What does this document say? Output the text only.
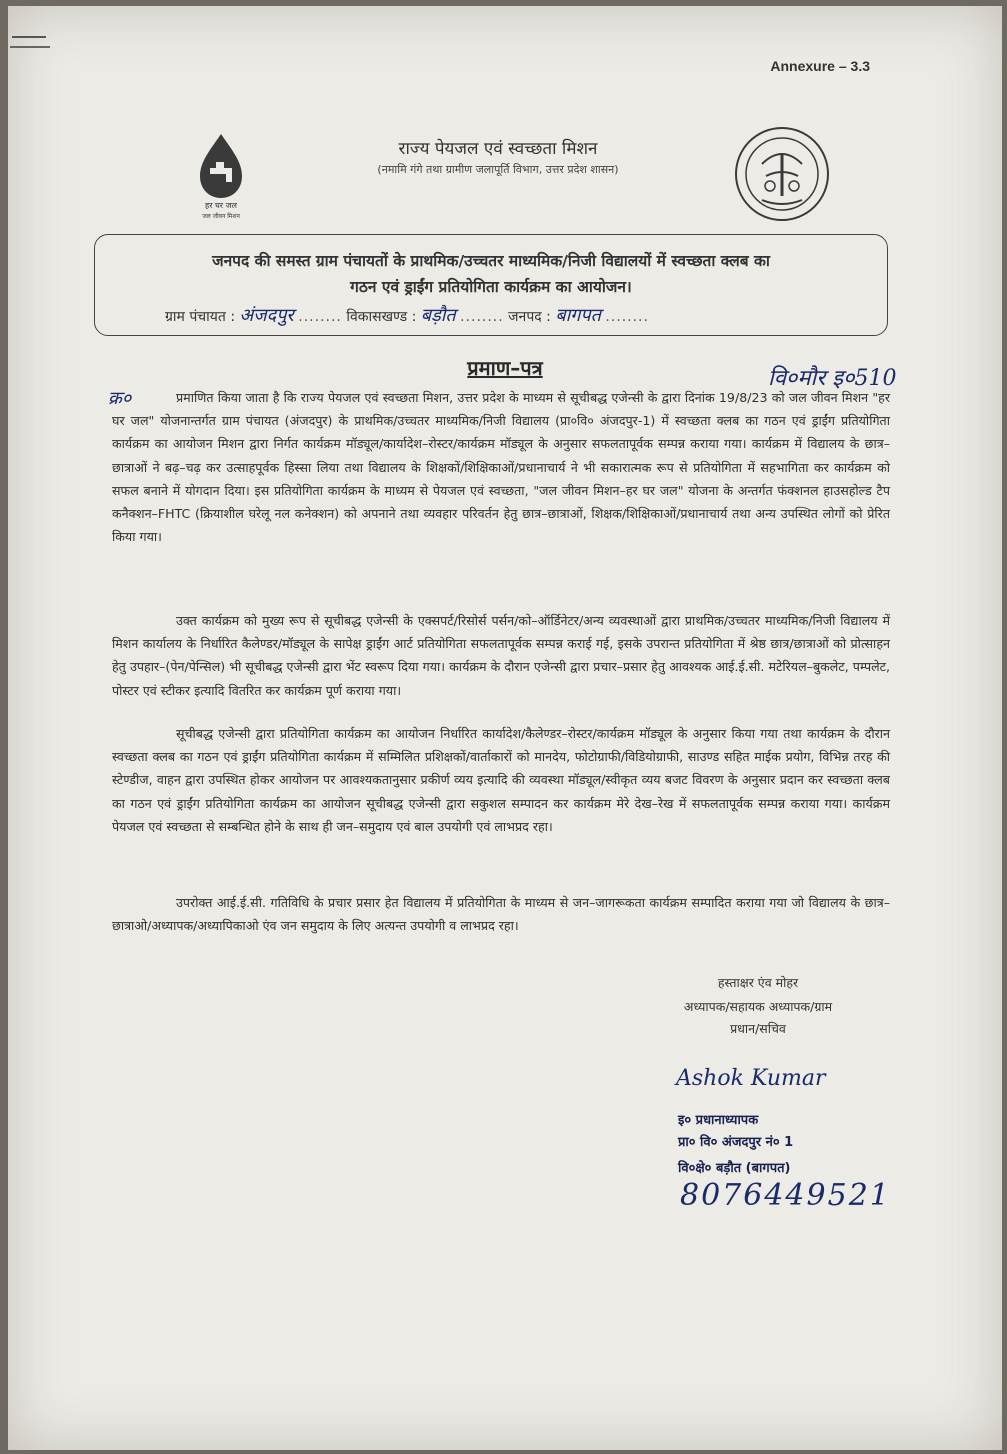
Annexure – 3.3
हर घर जल
जल जीवन मिशन
राज्य पेयजल एवं स्वच्छता मिशन
(नमामि गंगे तथा ग्रामीण जलापूर्ति विभाग, उत्तर प्रदेश शासन)
जनपद की समस्त ग्राम पंचायतों के प्राथमिक/उच्चतर माध्यमिक/निजी विद्यालयों में स्वच्छता क्लब का
गठन एवं ड्राईंग प्रतियोगिता कार्यक्रम का आयोजन।
ग्राम पंचायत : अंजदपुर ........ विकासखण्ड : बड़ौत ........ जनपद : बागपत ........
प्रमाण–पत्र	वि०मौर इ०510
क्र०	प्रमाणित किया जाता है कि राज्य पेयजल एवं स्वच्छता मिशन, उत्तर प्रदेश के माध्यम से सूचीबद्ध एजेन्सी के द्वारा दिनांक 19/8/23 को जल जीवन मिशन "हर घर जल" योजनान्तर्गत ग्राम पंचायत (अंजदपुर) के प्राथमिक/उच्चतर माध्यमिक/निजी विद्यालय (प्रा०वि० अंजदपुर-1) में स्वच्छता क्लब का गठन एवं ड्राईंग प्रतियोगिता कार्यक्रम का आयोजन मिशन द्वारा निर्गत कार्यक्रम मॉड्यूल/कार्यादेश–रोस्टर/कार्यक्रम मॉड्यूल के अनुसार सफलतापूर्वक सम्पन्न कराया गया। कार्यक्रम में विद्यालय के छात्र–छात्राओं ने बढ़–चढ़ कर उत्साहपूर्वक हिस्सा लिया तथा विद्यालय के शिक्षकों/शिक्षिकाओं/प्रधानाचार्य ने भी सकारात्मक रूप से प्रतियोगिता में सहभागिता कर कार्यक्रम को सफल बनाने में योगदान दिया। इस प्रतियोगिता कार्यक्रम के माध्यम से पेयजल एवं स्वच्छता, "जल जीवन मिशन–हर घर जल" योजना के अन्तर्गत फंक्शनल हाउसहोल्ड टैप कनैक्शन–FHTC (क्रियाशील घरेलू नल कनेक्शन) को अपनाने तथा व्यवहार परिवर्तन हेतु छात्र–छात्राओं, शिक्षक/शिक्षिकाओं/प्रधानाचार्य तथा अन्य उपस्थित लोगों को प्रेरित किया गया।
उक्त कार्यक्रम को मुख्य रूप से सूचीबद्ध एजेन्सी के एक्सपर्ट/रिसोर्स पर्सन/को–ऑर्डिनेटर/अन्य व्यवस्थाओं द्वारा प्राथमिक/उच्चतर माध्यमिक/निजी विद्यालय में मिशन कार्यालय के निर्धारित कैलेण्डर/मॉड्यूल के सापेक्ष ड्राईंग आर्ट प्रतियोगिता सफलतापूर्वक सम्पन्न कराई गई, इसके उपरान्त प्रतियोगिता में श्रेष्ठ छात्र/छात्राओं को प्रोत्साहन हेतु उपहार–(पेन/पेन्सिल) भी सूचीबद्ध एजेन्सी द्वारा भेंट स्वरूप दिया गया। कार्यक्रम के दौरान एजेन्सी द्वारा प्रचार–प्रसार हेतु आवश्यक आई.ई.सी. मटेरियल–बुकलेट, पम्पलेट, पोस्टर एवं स्टीकर इत्यादि वितरित कर कार्यक्रम पूर्ण कराया गया।
सूचीबद्ध एजेन्सी द्वारा प्रतियोगिता कार्यक्रम का आयोजन निर्धारित कार्यादेश/कैलेण्डर–रोस्टर/कार्यक्रम मॉड्यूल के अनुसार किया गया तथा कार्यक्रम के दौरान स्वच्छता क्लब का गठन एवं ड्राईंग प्रतियोगिता कार्यक्रम में सम्मिलित प्रशिक्षकों/वार्ताकारों को मानदेय, फोटोग्राफी/विडियोग्राफी, साउण्ड सहित माईक प्रयोग, विभिन्न तरह की स्टेण्डीज, वाहन द्वारा उपस्थित होकर आयोजन पर आवश्यकतानुसार प्रकीर्ण व्यय इत्यादि की व्यवस्था मॉड्यूल/स्वीकृत व्यय बजट विवरण के अनुसार प्रदान कर स्वच्छता क्लब का गठन एवं ड्राईंग प्रतियोगिता कार्यक्रम का आयोजन सूचीबद्ध एजेन्सी द्वारा सकुशल सम्पादन कर कार्यक्रम मेरे देख–रेख में सफलतापूर्वक सम्पन्न कराया गया। कार्यक्रम पेयजल एवं स्वच्छता से सम्बन्धित होने के साथ ही जन–समुदाय एवं बाल उपयोगी एवं लाभप्रद रहा।
उपरोक्त आई.ई.सी. गतिविधि के प्रचार प्रसार हेत विद्यालय में प्रतियोगिता के माध्यम से जन–जागरूकता कार्यक्रम सम्पादित कराया गया जो विद्यालय के छात्र–छात्राओ/अध्यापक/अध्यापिकाओ एंव जन समुदाय के लिए अत्यन्त उपयोगी व लाभप्रद रहा।
हस्ताक्षर एंव मोहर
अध्यापक/सहायक अध्यापक/ग्राम
प्रधान/सचिव
Ashok Kumar
इ० प्रधानाध्यापक
प्रा० वि० अंजदपुर नं० 1
वि०क्षे० बड़ौत (बागपत)
8076449521
